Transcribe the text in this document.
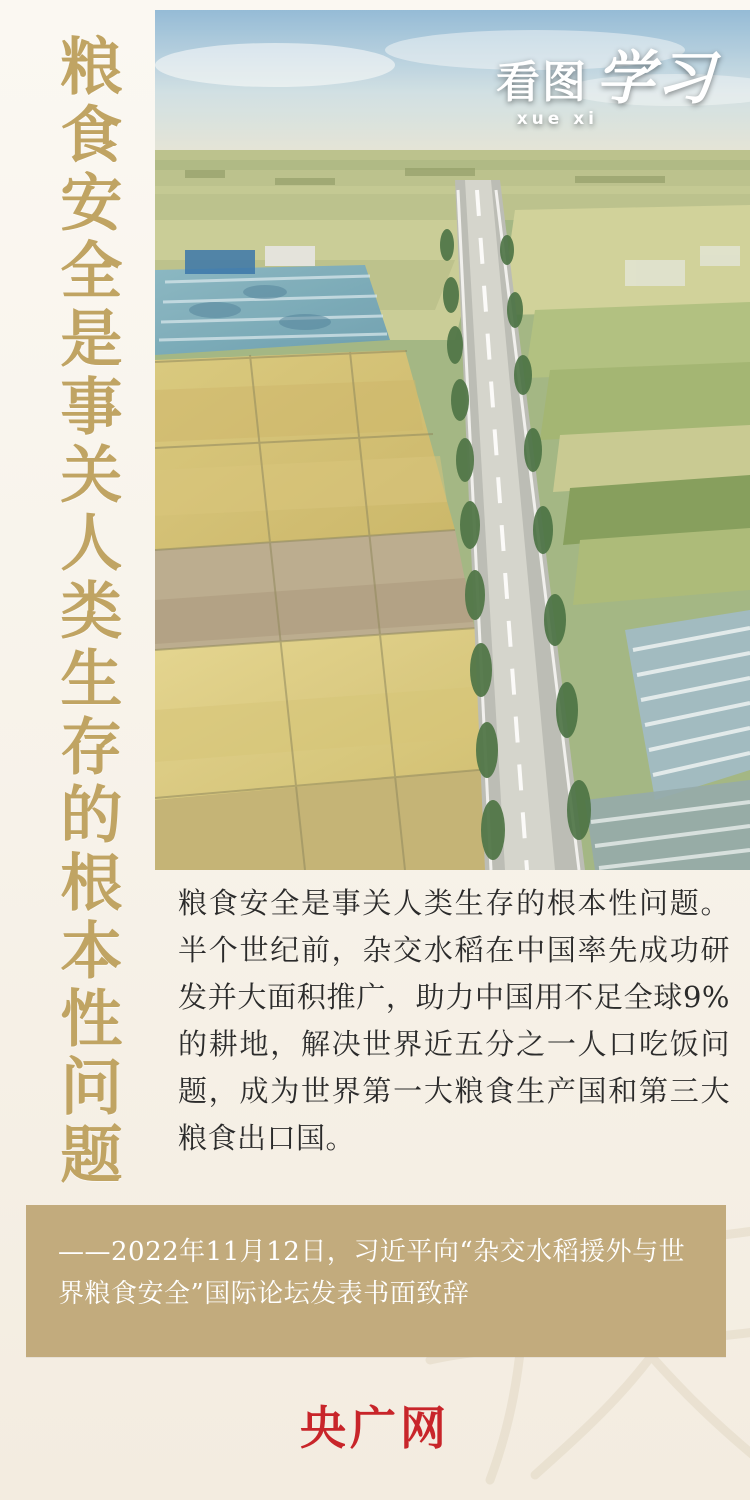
粮食安全是事关人类生存的根本性问题	看图 学习
xue xi
粮食安全是事关人类生存的根本性问题。半个世纪前，杂交水稻在中国率先成功研发并大面积推广，助力中国用不足全球9%的耕地，解决世界近五分之一人口吃饭问题，成为世界第一大粮食生产国和第三大粮食出口国。
——2022年11月12日，习近平向“杂交水稻援外与世界粮食安全”国际论坛发表书面致辞
央广网
